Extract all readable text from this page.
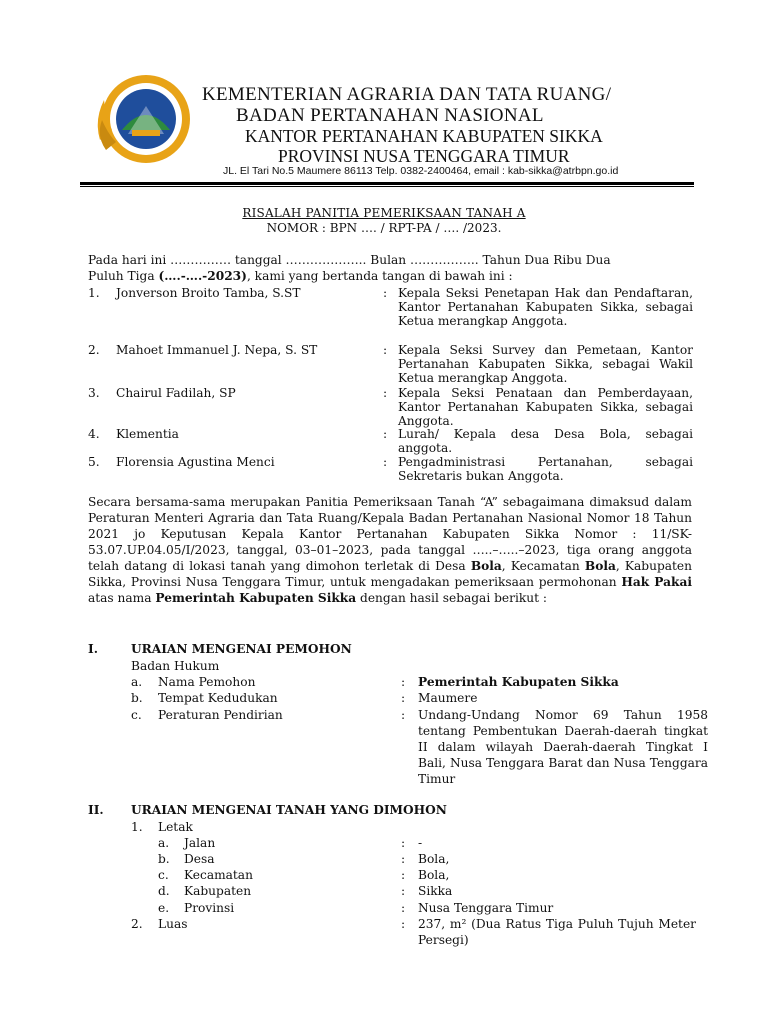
KEMENTERIAN AGRARIA DAN TATA RUANG/
BADAN PERTANAHAN NASIONAL
KANTOR PERTANAHAN KABUPATEN SIKKA
PROVINSI NUSA TENGGARA TIMUR
JL. El Tari No.5 Maumere 86113 Telp. 0382-2400464, email : kab-sikka@atrbpn.go.id
RISALAH PANITIA PEMERIKSAAN TANAH A
NOMOR : BPN …. / RPT-PA / …. /2023.
Pada hari ini …………… tanggal ……………….. Bulan …………….. Tahun Dua Ribu Dua
Puluh Tiga (….-….-2023), kami yang bertanda tangan di bawah ini :
1. Jonverson Broito Tamba, S.ST	: Kepala Seksi Penetapan Hak dan Pendaftaran, Kantor Pertanahan Kabupaten Sikka, sebagai Ketua merangkap Anggota.
2. Mahoet Immanuel J. Nepa, S. ST	: Kepala Seksi Survey dan Pemetaan, Kantor Pertanahan Kabupaten Sikka, sebagai Wakil Ketua merangkap Anggota.
3. Chairul Fadilah, SP	: Kepala Seksi Penataan dan Pemberdayaan, Kantor Pertanahan Kabupaten Sikka, sebagai Anggota.
4. Klementia	: Lurah/ Kepala desa Desa Bola, sebagai anggota.
5. Florensia Agustina Menci	: Pengadministrasi Pertanahan, sebagai Sekretaris bukan Anggota.
Secara bersama-sama merupakan Panitia Pemeriksaan Tanah “A” sebagaimana dimaksud dalam Peraturan Menteri Agraria dan Tata Ruang/Kepala Badan Pertanahan Nasional Nomor 18 Tahun 2021 jo Keputusan Kepala Kantor Pertanahan Kabupaten Sikka Nomor : 11/SK-53.07.UP.04.05/I/2023, tanggal, 03–01–2023, pada tanggal …..–…..–2023, tiga orang anggota telah datang di lokasi tanah yang dimohon terletak di Desa Bola, Kecamatan Bola, Kabupaten Sikka, Provinsi Nusa Tenggara Timur, untuk mengadakan pemeriksaan permohonan Hak Pakai atas nama Pemerintah Kabupaten Sikka dengan hasil sebagai berikut :
I.	URAIAN MENGENAI PEMOHON
Badan Hukum
a. Nama Pemohon	: Pemerintah Kabupaten Sikka
b. Tempat Kedudukan	: Maumere
c. Peraturan Pendirian	: Undang-Undang Nomor 69 Tahun 1958 tentang Pembentukan Daerah-daerah tingkat II dalam wilayah Daerah-daerah Tingkat I Bali, Nusa Tenggara Barat dan Nusa Tenggara Timur
II. URAIAN MENGENAI TANAH YANG DIMOHON
1. Letak
a. Jalan	: -
b. Desa	: Bola,
c. Kecamatan	: Bola,
d. Kabupaten	: Sikka
e. Provinsi	: Nusa Tenggara Timur
2. Luas	: 237, m² (Dua Ratus Tiga Puluh Tujuh Meter Persegi)
